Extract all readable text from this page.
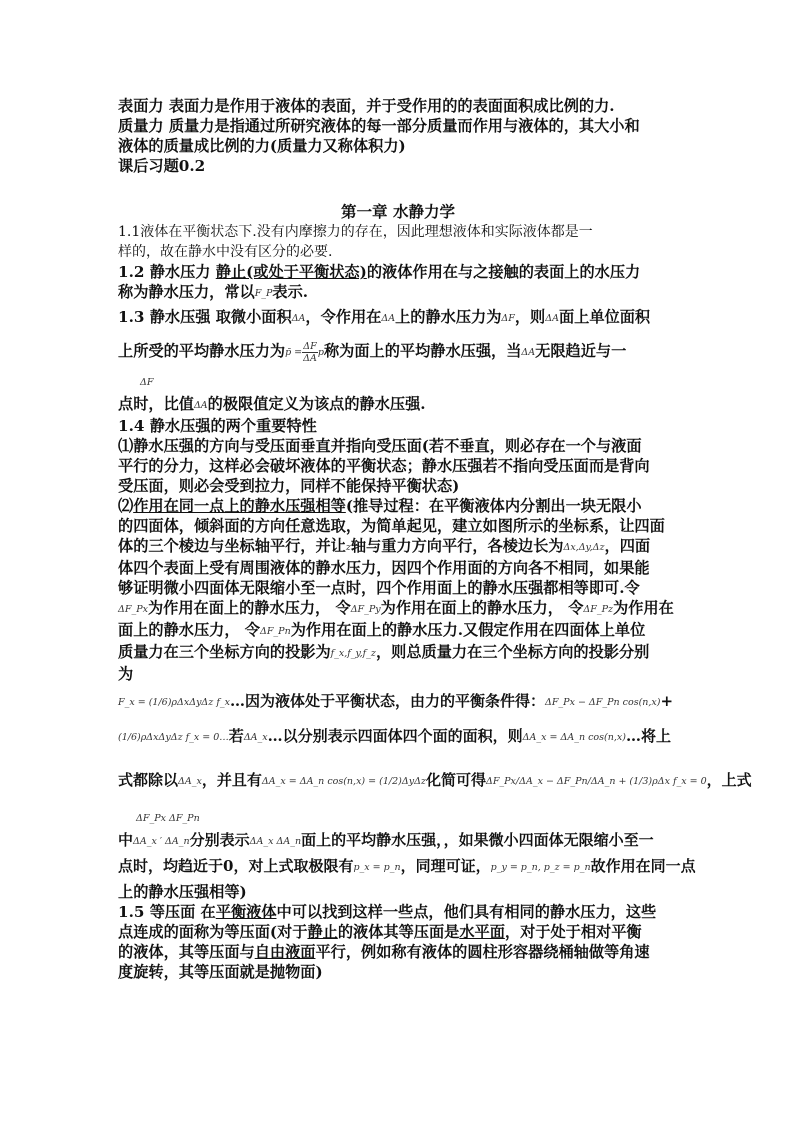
表面力 表面力是作用于液体的表面，并于受作用的的表面面积成比例的力.
质量力 质量力是指通过所研究液体的每一部分质量而作用与液体的，其大小和
液体的质量成比例的力(质量力又称体积力)
课后习题0.2
第一章 水静力学
1.1液体在平衡状态下.没有内摩擦力的存在，因此理想液体和实际液体都是一
样的，故在静水中没有区分的必要.
1.2 静水压力 静止(或处于平衡状态)的液体作用在与之接触的表面上的水压力
称为静水压力，常以F_P表示.
1.3 静水压强 取微小面积ΔA，令作用在ΔA上的静水压力为ΔF，则ΔA面上单位面积
上所受的平均静水压力为p̄ = $\frac{\Delta F}{\Delta A}$ p称为面上的平均静水压强，当ΔA无限趋近与一
ΔF
点时，比值ΔA的极限值定义为该点的静水压强.
1.4 静水压强的两个重要特性
⑴静水压强的方向与受压面垂直并指向受压面(若不垂直，则必存在一个与液面
平行的分力，这样必会破坏液体的平衡状态；静水压强若不指向受压面而是背向
受压面，则必会受到拉力，同样不能保持平衡状态)
⑵作用在同一点上的静水压强相等(推导过程：在平衡液体内分割出一块无限小
的四面体，倾斜面的方向任意选取，为简单起见，建立如图所示的坐标系，让四面
体的三个棱边与坐标轴平行，并让z轴与重力方向平行，各棱边长为Δx,Δy,Δz，四面
体四个表面上受有周围液体的静水压力，因四个作用面的方向各不相同，如果能
够证明微小四面体无限缩小至一点时，四个作用面上的静水压强都相等即可.令
ΔF_Px为作用在面上的静水压力， 令ΔF_Py为作用在面上的静水压力， 令ΔF_Pz为作用在
面上的静水压力， 令ΔF_Pn为作用在面上的静水压力.又假定作用在四面体上单位
质量力在三个坐标方向的投影为f_x,f_y,f_z，则总质量力在三个坐标方向的投影分别
为
F_x = (1/6)ρΔxΔyΔz f_x…因为液体处于平衡状态，由力的平衡条件得：ΔF_Px − ΔF_Pn cos(n,x)+
(1/6)ρΔxΔyΔz f_x = 0…若ΔA_x…以分别表示四面体四个面的面积，则ΔA_x = ΔA_n cos(n,x)…将上
式都除以ΔA_x，并且有ΔA_x = ΔA_n cos(n,x) = (1/2)ΔyΔz化简可得ΔF_Px/ΔA_x − ΔF_Pn/ΔA_n + (1/3)ρΔx f_x = 0，上式
ΔF_Px ΔF_Pn
中ΔA_x ′ ΔA_n分别表示ΔA_x ΔA_n面上的平均静水压强，，如果微小四面体无限缩小至一
点时，均趋近于0，对上式取极限有p_x = p_n，同理可证，p_y = p_n, p_z = p_n故作用在同一点
上的静水压强相等)
1.5 等压面 在平衡液体中可以找到这样一些点，他们具有相同的静水压力，这些
点连成的面称为等压面(对于静止的液体其等压面是水平面，对于处于相对平衡
的液体，其等压面与自由液面平行，例如称有液体的圆柱形容器绕桶轴做等角速
度旋转，其等压面就是抛物面)
